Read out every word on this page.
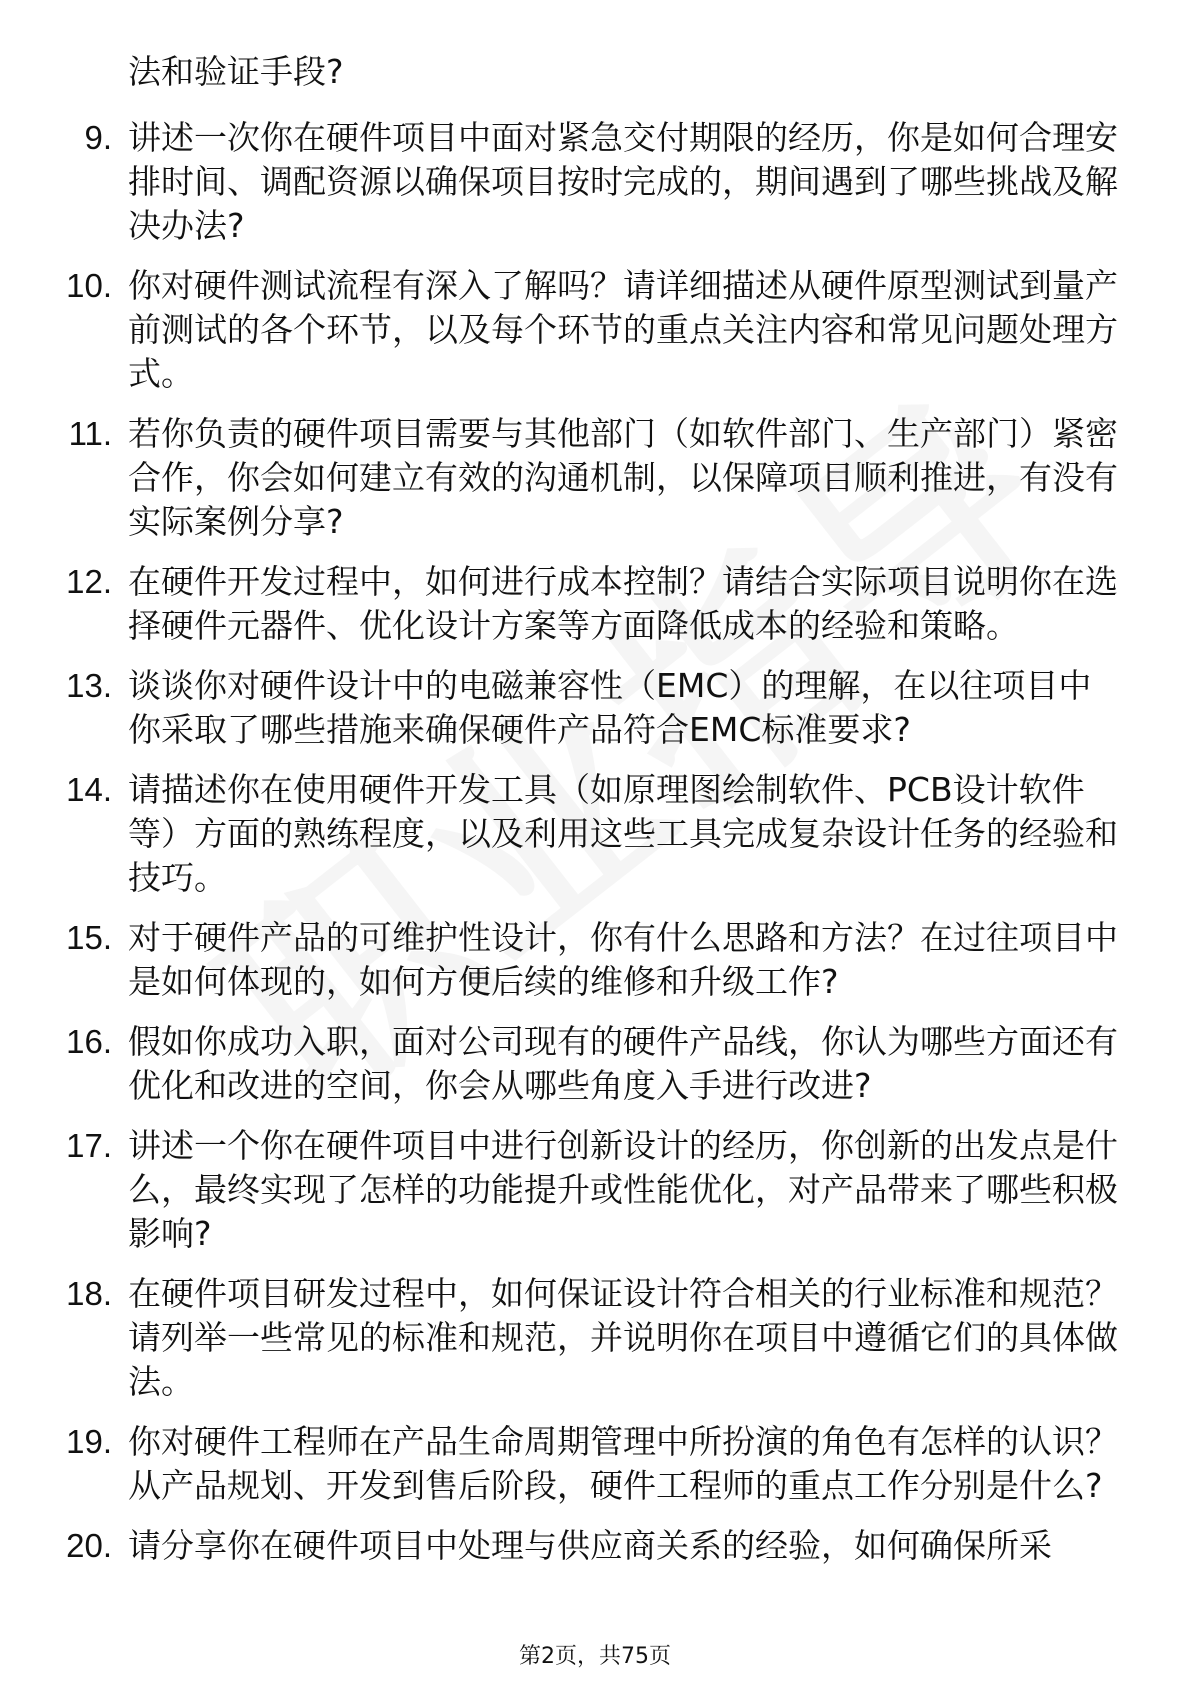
法和验证手段?
9. 讲述一次你在硬件项目中面对紧急交付期限的经历，你是如何合理安排时间、调配资源以确保项目按时完成的，期间遇到了哪些挑战及解决办法?
10. 你对硬件测试流程有深入了解吗？请详细描述从硬件原型测试到量产前测试的各个环节，以及每个环节的重点关注内容和常见问题处理方式。
11. 若你负责的硬件项目需要与其他部门（如软件部门、生产部门）紧密合作，你会如何建立有效的沟通机制，以保障项目顺利推进，有没有实际案例分享?
12. 在硬件开发过程中，如何进行成本控制？请结合实际项目说明你在选择硬件元器件、优化设计方案等方面降低成本的经验和策略。
13. 谈谈你对硬件设计中的电磁兼容性（EMC）的理解，在以往项目中你采取了哪些措施来确保硬件产品符合EMC标准要求?
14. 请描述你在使用硬件开发工具（如原理图绘制软件、PCB设计软件等）方面的熟练程度，以及利用这些工具完成复杂设计任务的经验和技巧。
15. 对于硬件产品的可维护性设计，你有什么思路和方法？在过往项目中是如何体现的，如何方便后续的维修和升级工作?
16. 假如你成功入职，面对公司现有的硬件产品线，你认为哪些方面还有优化和改进的空间，你会从哪些角度入手进行改进?
17. 讲述一个你在硬件项目中进行创新设计的经历，你创新的出发点是什么，最终实现了怎样的功能提升或性能优化，对产品带来了哪些积极影响?
18. 在硬件项目研发过程中，如何保证设计符合相关的行业标准和规范？请列举一些常见的标准和规范，并说明你在项目中遵循它们的具体做法。
19. 你对硬件工程师在产品生命周期管理中所扮演的角色有怎样的认识？从产品规划、开发到售后阶段，硬件工程师的重点工作分别是什么?
20. 请分享你在硬件项目中处理与供应商关系的经验，如何确保所采
第2页，共75页
